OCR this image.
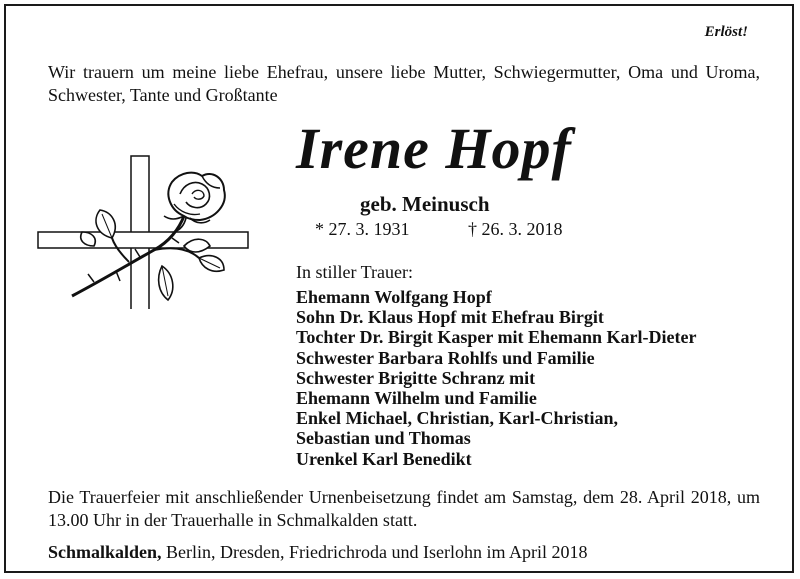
Erlöst!
Wir trauern um meine liebe Ehefrau, unsere liebe Mutter, Schwiegermutter, Oma und Uroma, Schwester, Tante und Großtante
Irene Hopf
geb. Meinusch
* 27. 3. 1931	† 26. 3. 2018
In stiller Trauer:
Ehemann Wolfgang Hopf
Sohn Dr. Klaus Hopf mit Ehefrau Birgit
Tochter Dr. Birgit Kasper mit Ehemann Karl-Dieter
Schwester Barbara Rohlfs und Familie
Schwester Brigitte Schranz mit
Ehemann Wilhelm und Familie
Enkel Michael, Christian, Karl-Christian,
Sebastian und Thomas
Urenkel Karl Benedikt
Die Trauerfeier mit anschließender Urnenbeisetzung findet am Samstag, dem 28. April 2018, um 13.00 Uhr in der Trauerhalle in Schmalkalden statt.
Schmalkalden, Berlin, Dresden, Friedrichroda und Iserlohn im April 2018
